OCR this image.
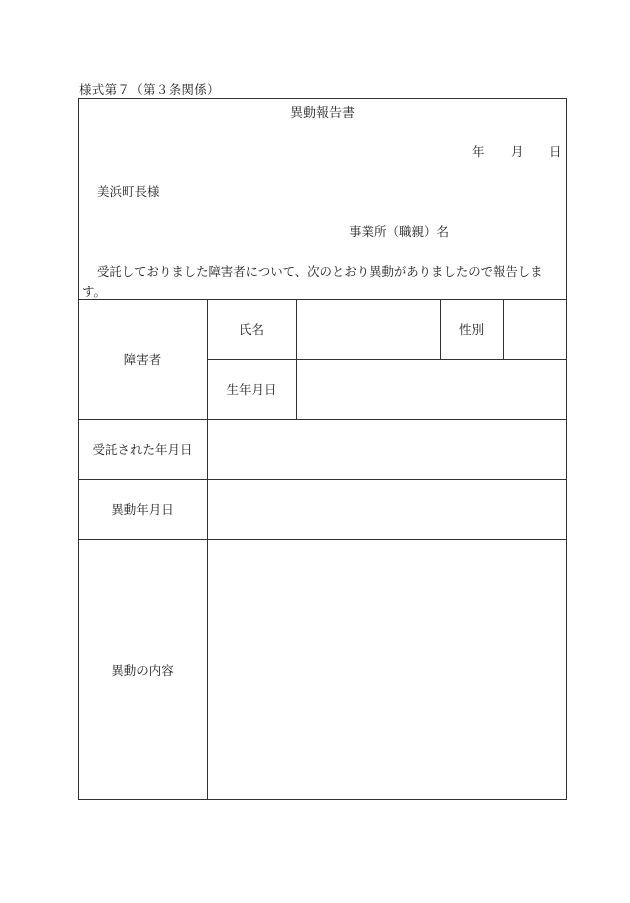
様式第７（第３条関係）
異動報告書
年 月 日
美浜町長様
事業所（職親）名
受託しておりました障害者について、次のとおり異動がありましたので報告しま
す。
障害者
氏名	性別
生年月日
受託された年月日
異動年月日
異動の内容
